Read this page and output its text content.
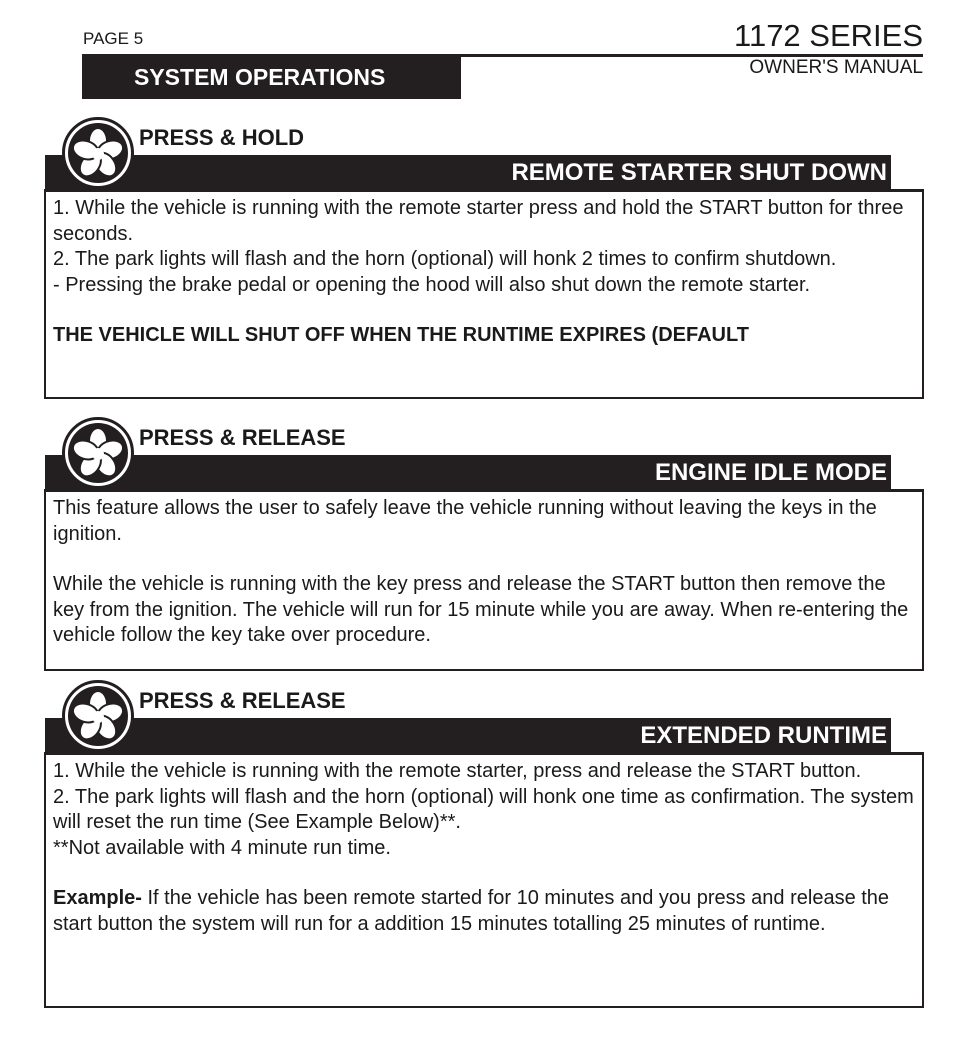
PAGE 5
SYSTEM OPERATIONS
1172 SERIES
OWNER'S MANUAL
PRESS & HOLD
REMOTE STARTER SHUT DOWN

1. While the vehicle is running with the remote starter press and hold the START button for three seconds.

2. The park lights will flash and the horn (optional) will honk 2 times to confirm shutdown.

- Pressing the brake pedal or opening the hood will also shut down the remote starter.

THE VEHICLE WILL SHUT OFF WHEN THE RUNTIME EXPIRES (DEFAULT

PRESS & RELEASE
ENGINE IDLE MODE

This feature allows the user to safely leave the vehicle running without leaving the keys in the ignition.

While the vehicle is running with the key press and release the START button then remove the key from the ignition. The vehicle will run for 15 minute while you are away. When re-entering the vehicle follow the key take over procedure.

PRESS & RELEASE
EXTENDED RUNTIME

1. While the vehicle is running with the remote starter, press and release the START button.

2. The park lights will flash and the horn (optional) will honk one time as confirmation. The system will reset the run time (See Example Below)**.

**Not available with 4 minute run time.

Example- If the vehicle has been remote started for 10 minutes and you press and release the start button the system will run for a addition 15 minutes totalling 25 minutes of runtime.
